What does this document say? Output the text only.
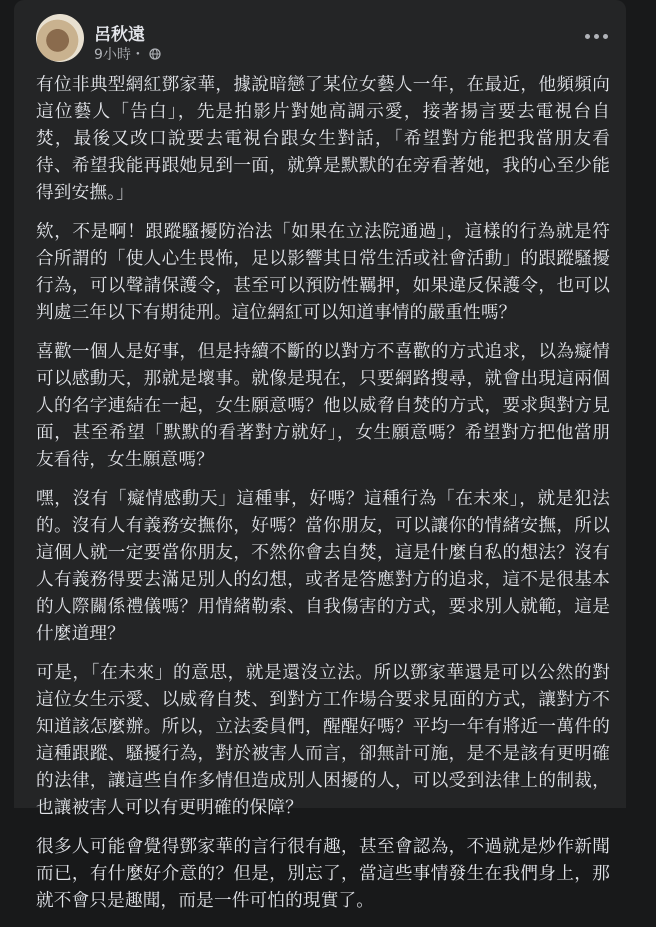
呂秋遠
9小時・

有位非典型網紅鄧家華，據說暗戀了某位女藝人一年，在最近，他頻頻向這位藝人「告白」，先是拍影片對她高調示愛，接著揚言要去電視台自焚，最後又改口說要去電視台跟女生對話，「希望對方能把我當朋友看待、希望我能再跟她見到一面，就算是默默的在旁看著她，我的心至少能得到安撫。」

欸，不是啊！跟蹤騷擾防治法「如果在立法院通過」，這樣的行為就是符合所謂的「使人心生畏怖，足以影響其日常生活或社會活動」的跟蹤騷擾行為，可以聲請保護令，甚至可以預防性羈押，如果違反保護令，也可以判處三年以下有期徒刑。這位網紅可以知道事情的嚴重性嗎？

喜歡一個人是好事，但是持續不斷的以對方不喜歡的方式追求，以為癡情可以感動天，那就是壞事。就像是現在，只要網路搜尋，就會出現這兩個人的名字連結在一起，女生願意嗎？他以威脅自焚的方式，要求與對方見面，甚至希望「默默的看著對方就好」，女生願意嗎？希望對方把他當朋友看待，女生願意嗎？

嘿，沒有「癡情感動天」這種事，好嗎？這種行為「在未來」，就是犯法的。沒有人有義務安撫你，好嗎？當你朋友，可以讓你的情緒安撫，所以這個人就一定要當你朋友，不然你會去自焚，這是什麼自私的想法？沒有人有義務得要去滿足別人的幻想，或者是答應對方的追求，這不是很基本的人際關係禮儀嗎？用情緒勒索、自我傷害的方式，要求別人就範，這是什麼道理？

可是，「在未來」的意思，就是還沒立法。所以鄧家華還是可以公然的對這位女生示愛、以威脅自焚、到對方工作場合要求見面的方式，讓對方不知道該怎麼辦。所以，立法委員們，醒醒好嗎？平均一年有將近一萬件的這種跟蹤、騷擾行為，對於被害人而言，卻無計可施，是不是該有更明確的法律，讓這些自作多情但造成別人困擾的人，可以受到法律上的制裁，也讓被害人可以有更明確的保障？

很多人可能會覺得鄧家華的言行很有趣，甚至會認為，不過就是炒作新聞而已，有什麼好介意的？但是，別忘了，當這些事情發生在我們身上，那就不會只是趣聞，而是一件可怕的現實了。
